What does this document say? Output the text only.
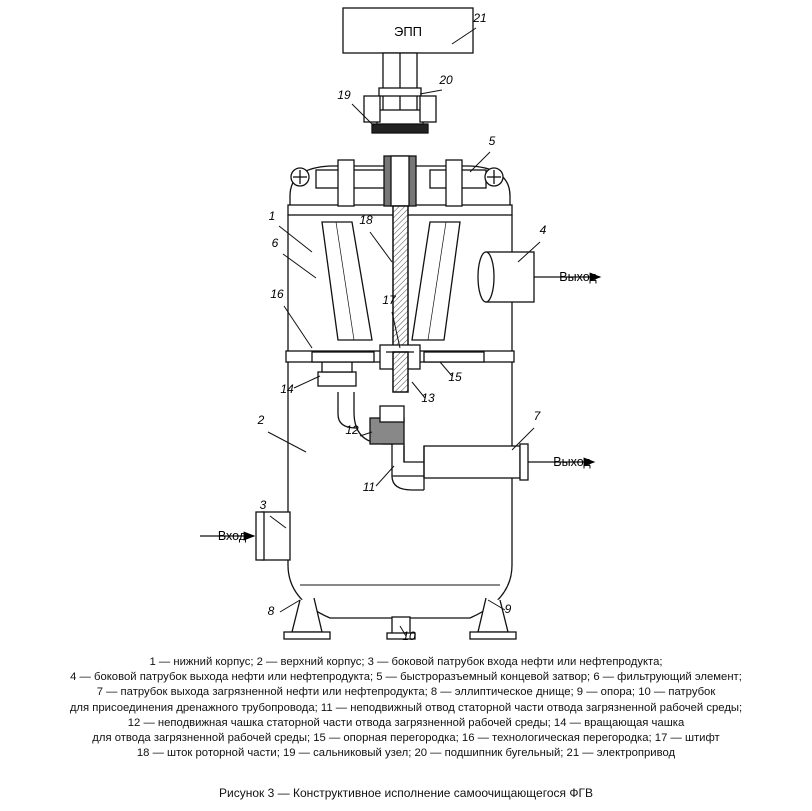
ЭПП
Вход
Выход
Выход
1
2
3
4
5
6
7
8	9
10
11
12
13
14
15
16	17
18
19
20
21
1 — нижний корпус; 2 — верхний корпус; 3 — боковой патрубок входа нефти или нефтепродукта;
4 — боковой патрубок выхода нефти или нефтепродукта; 5 — быстроразъемный концевой затвор; 6 — фильтрующий элемент;
7 — патрубок выхода загрязненной нефти или нефтепродукта; 8 — эллиптическое днище; 9 — опора; 10 — патрубок
для присоединения дренажного трубопровода; 11 — неподвижный отвод статорной части отвода загрязненной рабочей среды;
12 — неподвижная чашка статорной части отвода загрязненной рабочей среды; 14 — вращающая чашка
для отвода загрязненной рабочей среды; 15 — опорная перегородка; 16 — технологическая перегородка; 17 — штифт
18 — шток роторной части; 19 — сальниковый узел; 20 — подшипник бугельный; 21 — электропривод
Рисунок 3 — Конструктивное исполнение самоочищающегося ФГВ
